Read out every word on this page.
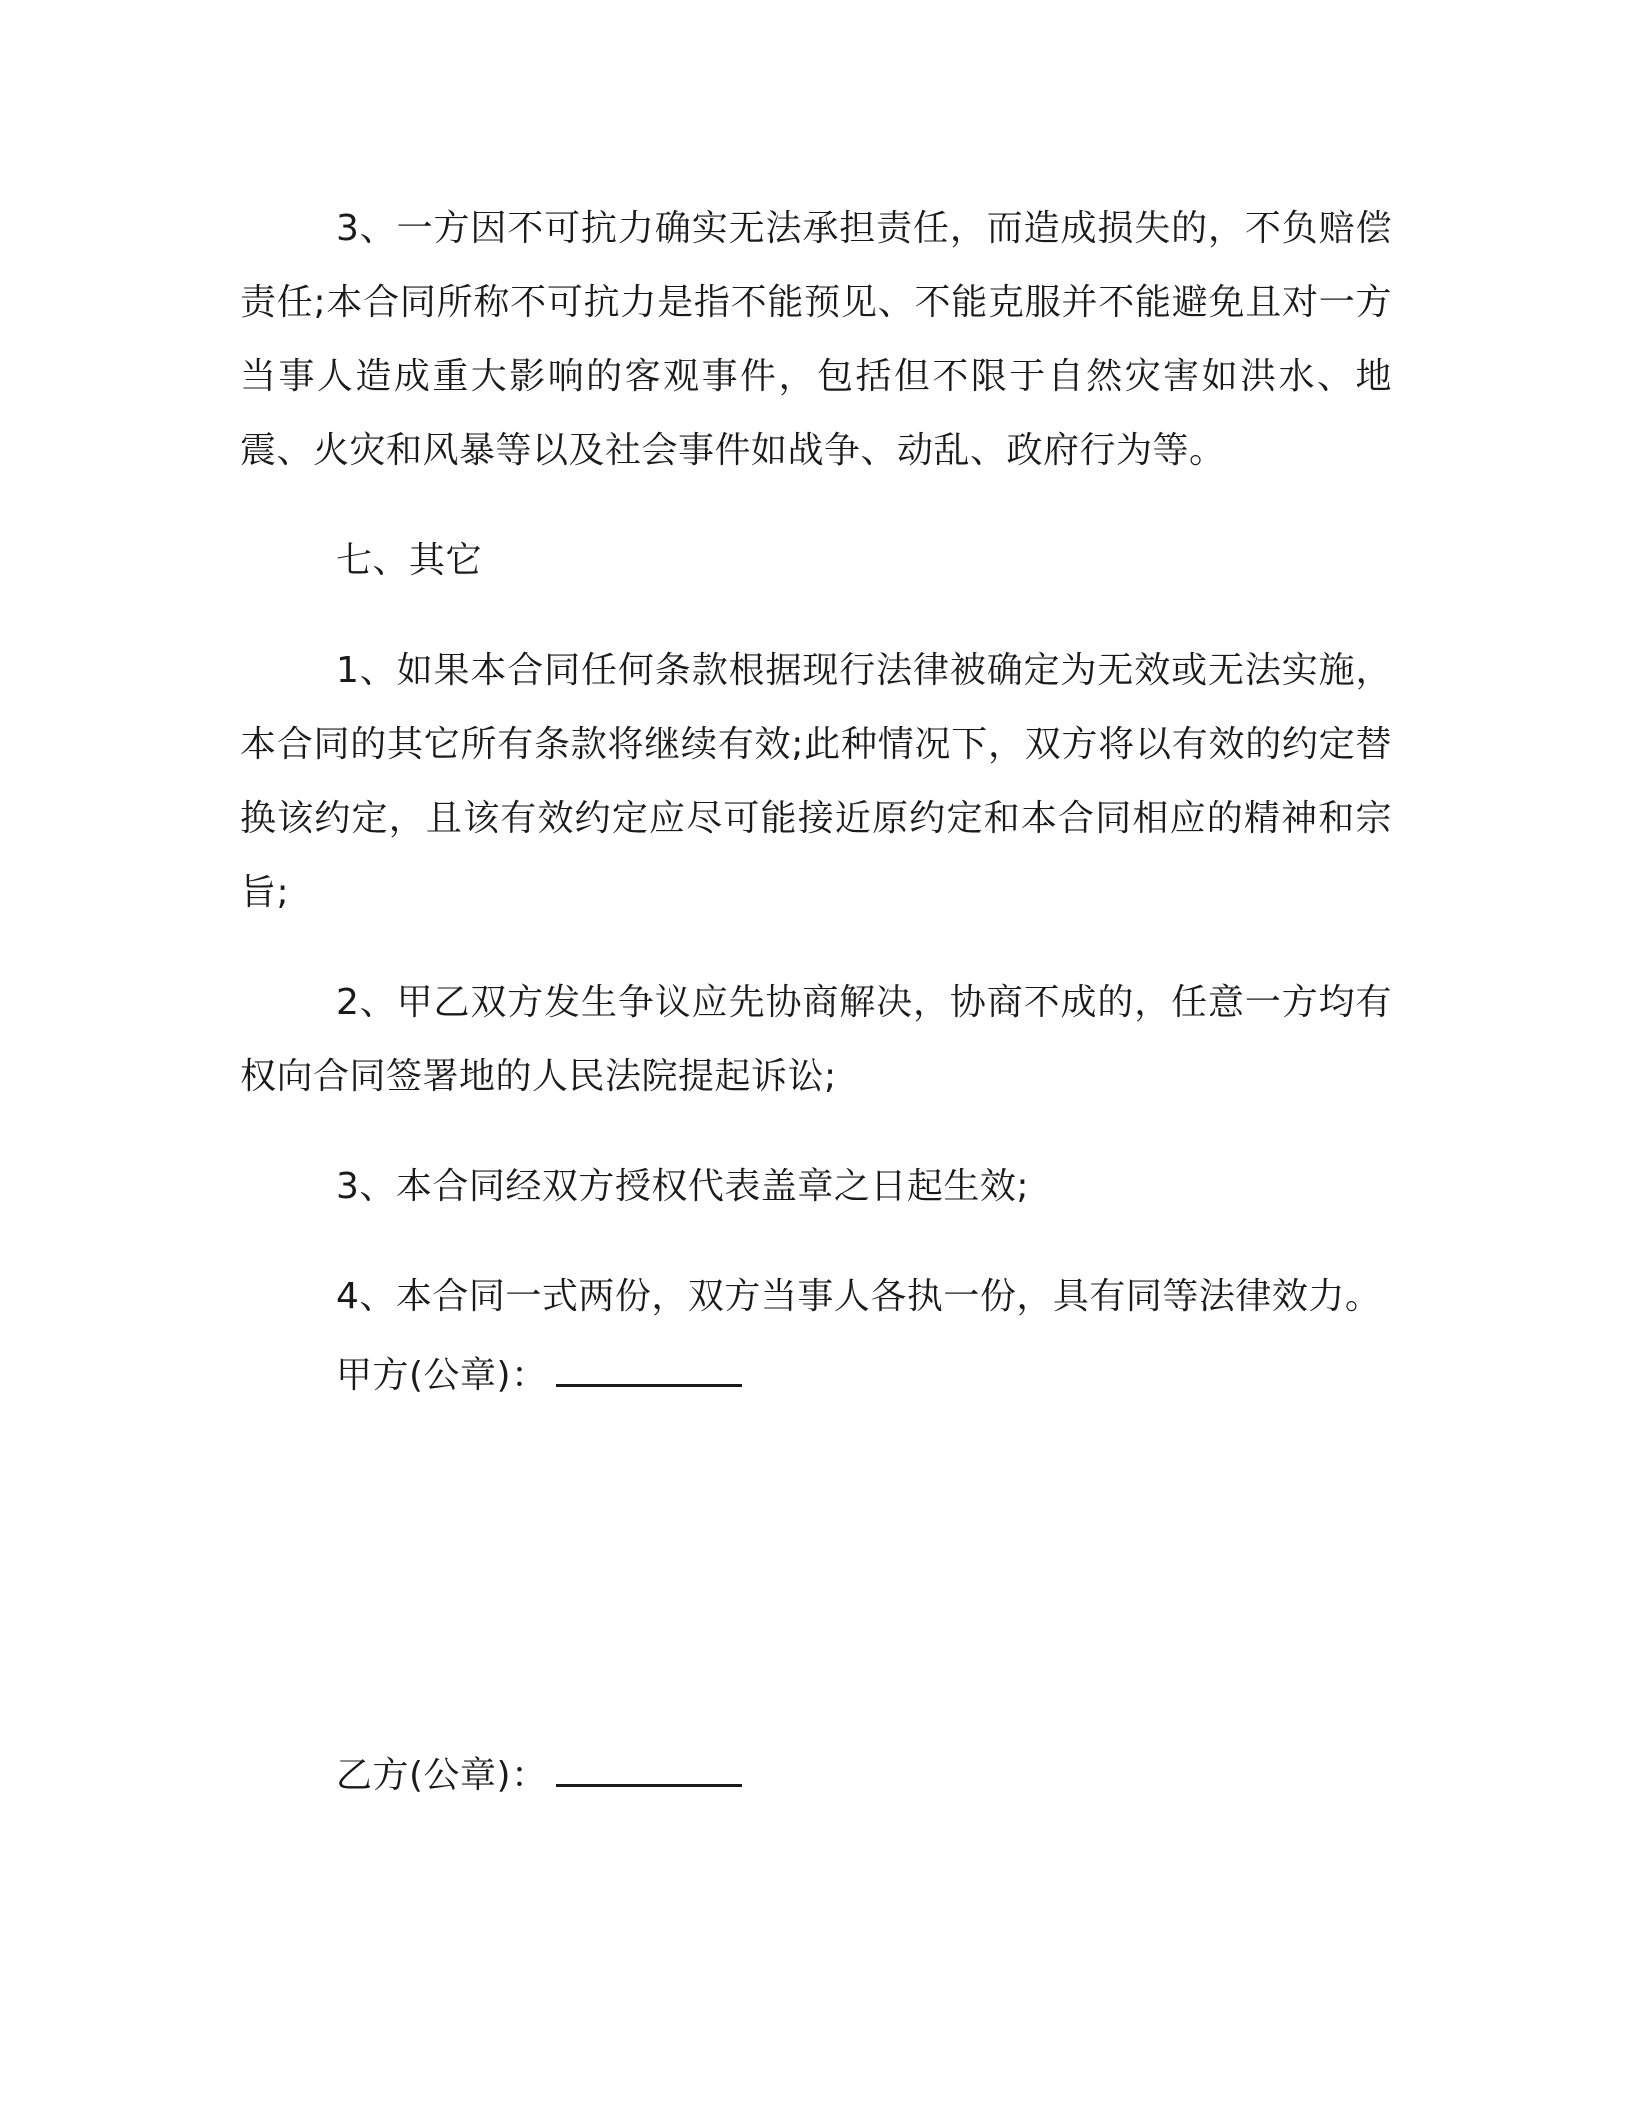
3、一方因不可抗力确实无法承担责任，而造成损失的，不负赔偿责任;本合同所称不可抗力是指不能预见、不能克服并不能避免且对一方当事人造成重大影响的客观事件，包括但不限于自然灾害如洪水、地震、火灾和风暴等以及社会事件如战争、动乱、政府行为等。

七、其它

1、如果本合同任何条款根据现行法律被确定为无效或无法实施，本合同的其它所有条款将继续有效;此种情况下，双方将以有效的约定替换该约定，且该有效约定应尽可能接近原约定和本合同相应的精神和宗旨;

2、甲乙双方发生争议应先协商解决，协商不成的，任意一方均有权向合同签署地的人民法院提起诉讼;

3、本合同经双方授权代表盖章之日起生效;

4、本合同一式两份，双方当事人各执一份，具有同等法律效力。

甲方(公章)：
乙方(公章)：
